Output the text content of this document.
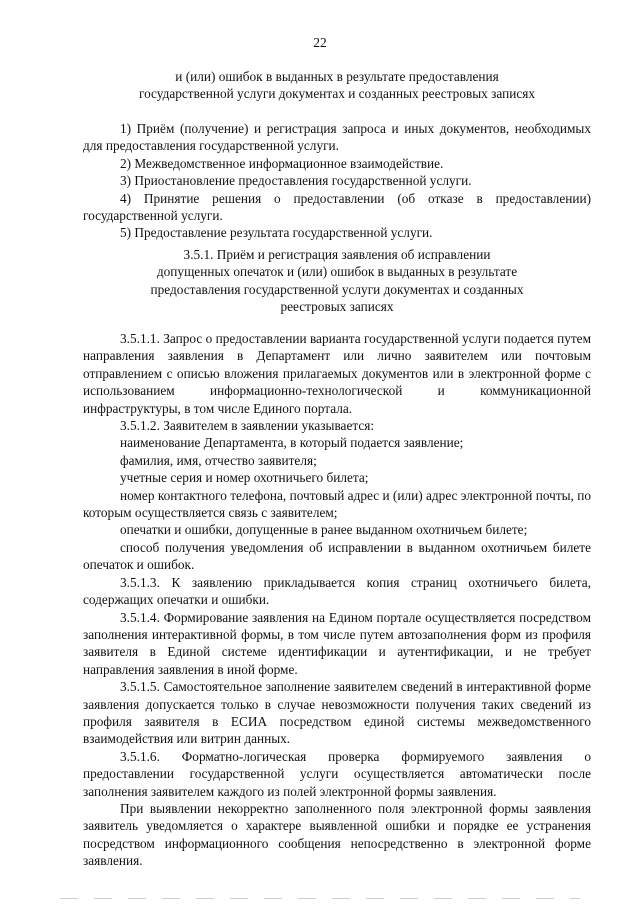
22
и (или) ошибок в выданных в результате предоставления
государственной услуги документах и созданных реестровых записях

1) Приём (получение) и регистрация запроса и иных документов, необходимых для предоставления государственной услуги.

2) Межведомственное информационное взаимодействие.

3) Приостановление предоставления государственной услуги.

4) Принятие решения о предоставлении (об отказе в предоставлении) государственной услуги.

5) Предоставление результата государственной услуги.

3.5.1. Приём и регистрация заявления об исправлении
допущенных опечаток и (или) ошибок в выданных в результате
предоставления государственной услуги документах и созданных
реестровых записях

3.5.1.1. Запрос о предоставлении варианта государственной услуги подается путем направления заявления в Департамент или лично заявителем или почтовым отправлением с описью вложения прилагаемых документов или в электронной форме с использованием информационно-технологической и коммуникационной инфраструктуры, в том числе Единого портала.

3.5.1.2. Заявителем в заявлении указывается:

наименование Департамента, в который подается заявление;

фамилия, имя, отчество заявителя;

учетные серия и номер охотничьего билета;

номер контактного телефона, почтовый адрес и (или) адрес электронной почты, по которым осуществляется связь с заявителем;

опечатки и ошибки, допущенные в ранее выданном охотничьем билете;

способ получения уведомления об исправлении в выданном охотничьем билете опечаток и ошибок.

3.5.1.3. К заявлению прикладывается копия страниц охотничьего билета, содержащих опечатки и ошибки.

3.5.1.4. Формирование заявления на Едином портале осуществляется посредством заполнения интерактивной формы, в том числе путем автозаполнения форм из профиля заявителя в Единой системе идентификации и аутентификации, и не требует направления заявления в иной форме.

3.5.1.5. Самостоятельное заполнение заявителем сведений в интерактивной форме заявления допускается только в случае невозможности получения таких сведений из профиля заявителя в ЕСИА посредством единой системы межведомственного взаимодействия или витрин данных.

3.5.1.6. Форматно-логическая проверка формируемого заявления о предоставлении государственной услуги осуществляется автоматически после заполнения заявителем каждого из полей электронной формы заявления.

При выявлении некорректно заполненного поля электронной формы заявления заявитель уведомляется о характере выявленной ошибки и порядке ее устранения посредством информационного сообщения непосредственно в электронной форме заявления.
